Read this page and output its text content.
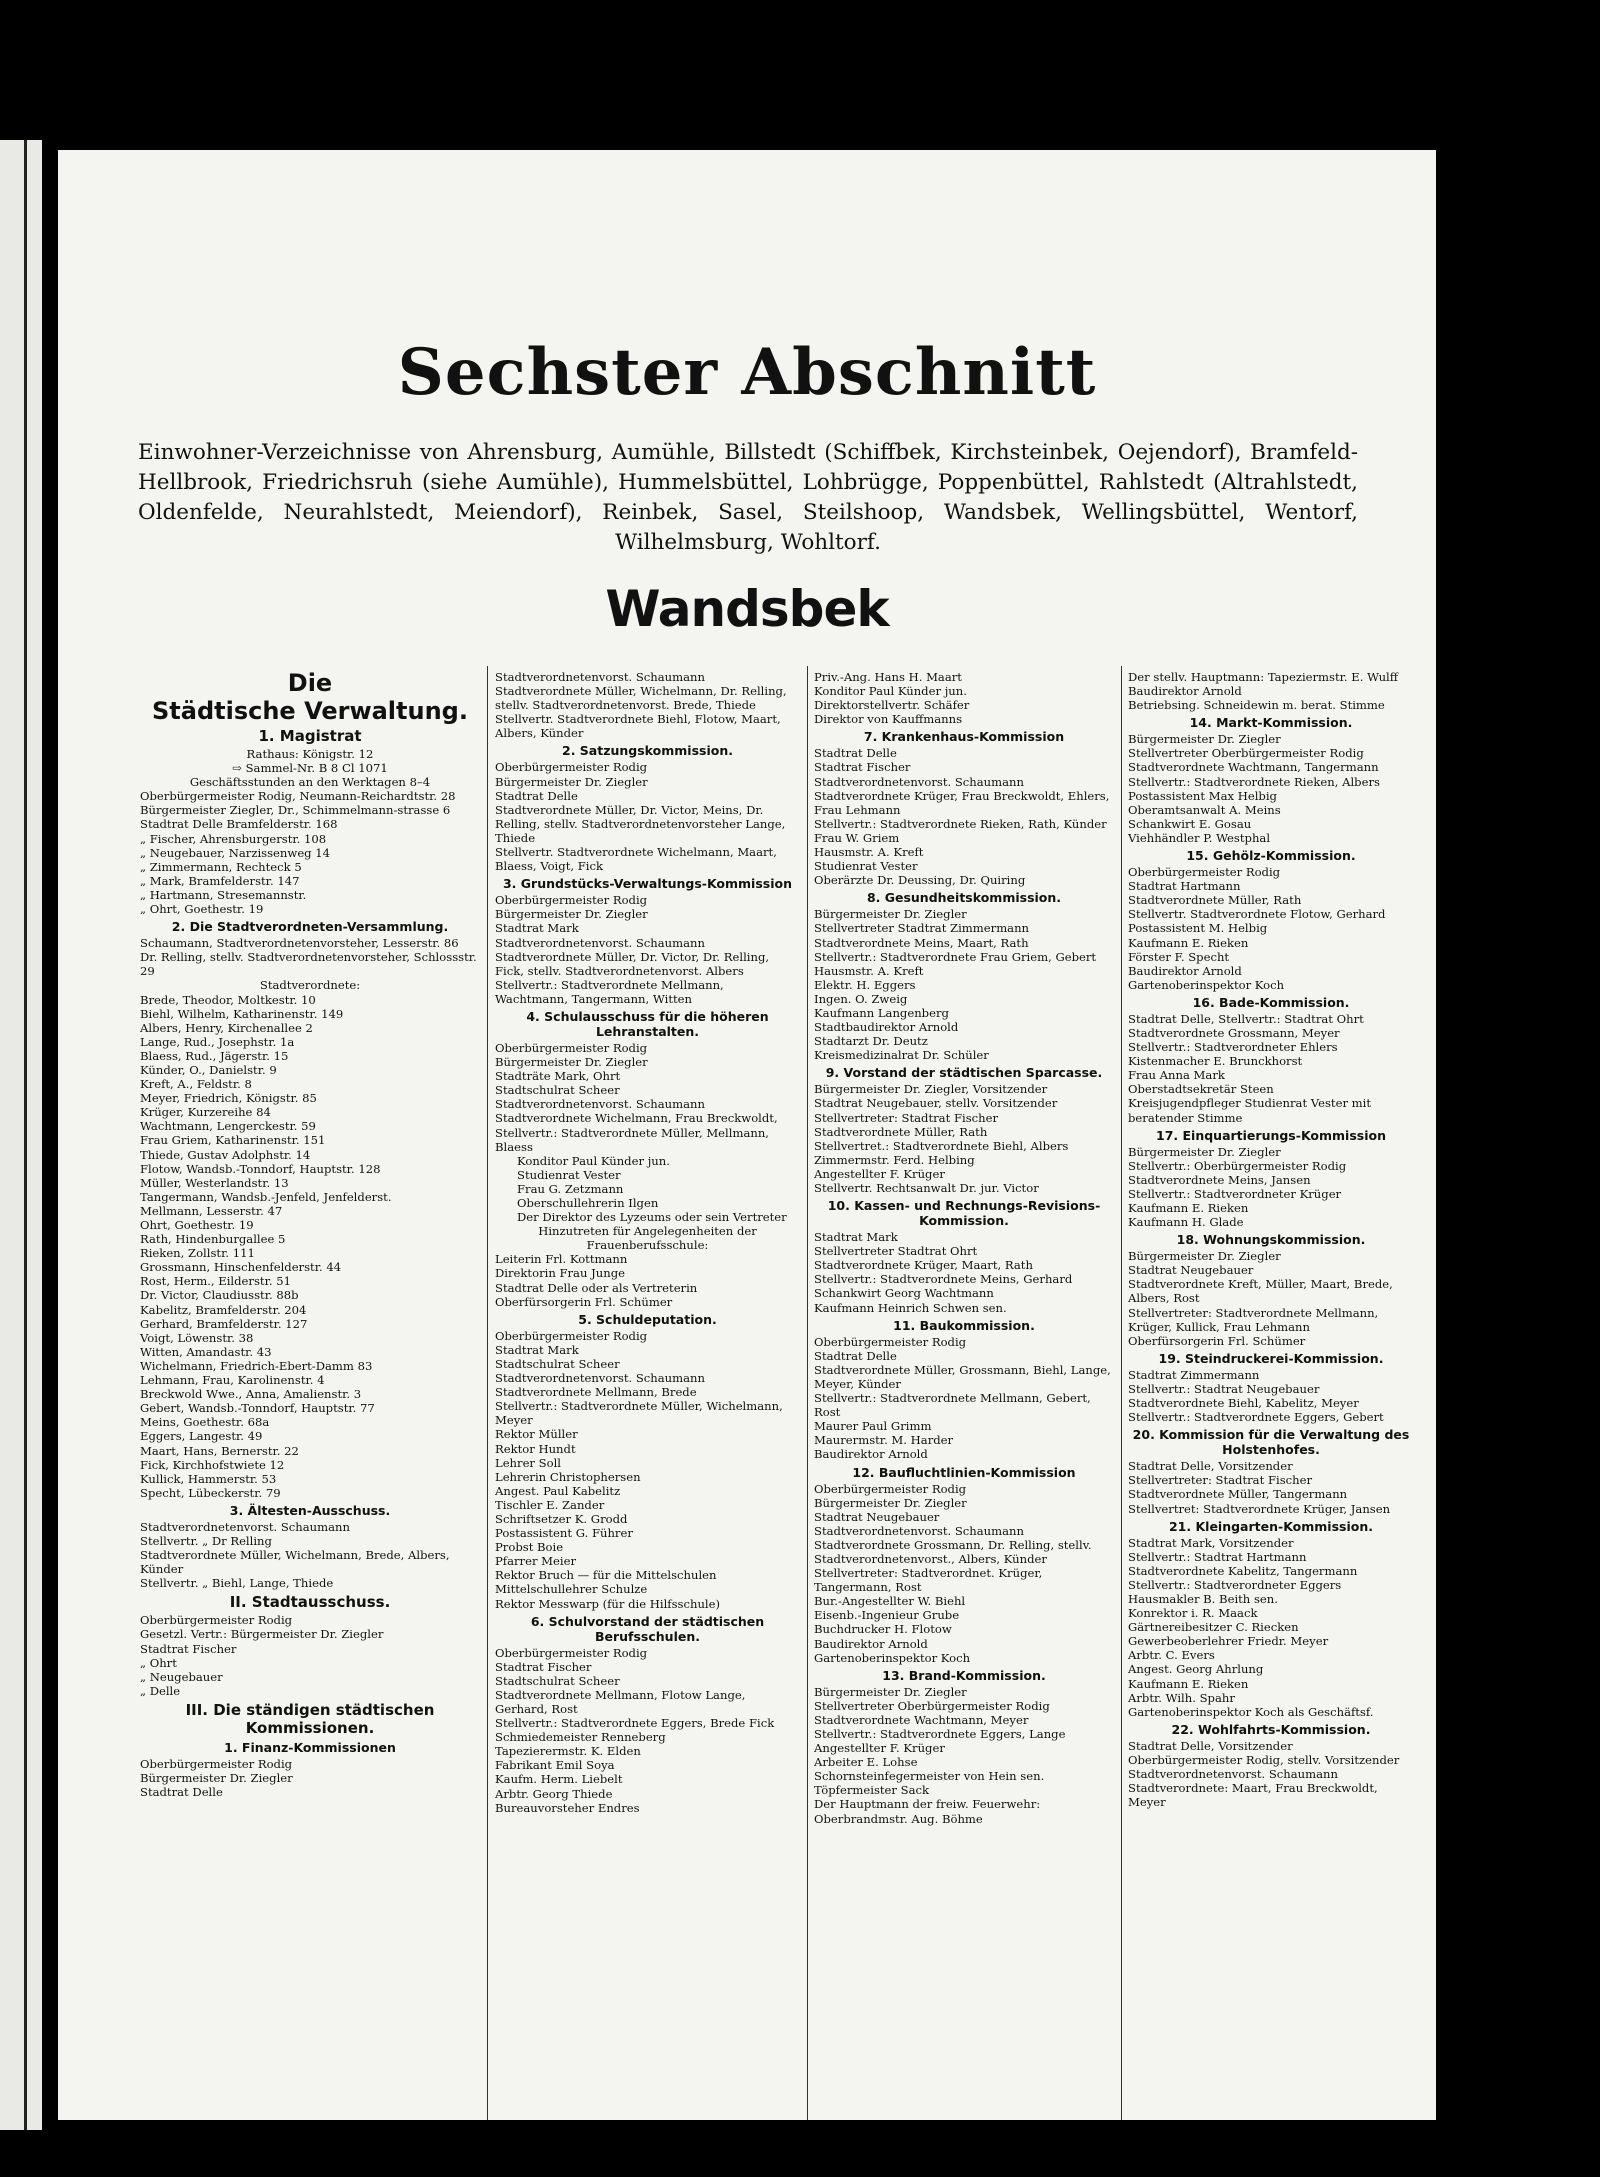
Sechster Abschnitt
Einwohner-Verzeichnisse von Ahrensburg, Aumühle, Billstedt (Schiffbek, Kirchsteinbek, Oejendorf), Bramfeld-Hellbrook, Friedrichsruh (siehe Aumühle), Hummelsbüttel, Lohbrügge, Poppenbüttel, Rahlstedt (Altrahlstedt, Oldenfelde, Neurahlstedt, Meiendorf), Reinbek, Sasel, Steilshoop, Wandsbek, Wellingsbüttel, Wentorf, Wilhelmsburg, Wohltorf.
Wandsbek
Die
Städtische Verwaltung.
1. Magistrat
Rathaus: Königstr. 12
⇨ Sammel-Nr. B 8 Cl 1071
Geschäftsstunden an den Werktagen 8–4
Oberbürgermeister Rodig, Neumann-Reichardtstr. 28
Bürgermeister Ziegler, Dr., Schimmelmann-strasse 6
Stadtrat Delle Bramfelderstr. 168
„ Fischer, Ahrensburgerstr. 108
„ Neugebauer, Narzissenweg 14
„ Zimmermann, Rechteck 5
„ Mark, Bramfelderstr. 147
„ Hartmann, Stresemannstr.
„ Ohrt, Goethestr. 19
2. Die Stadtverordneten-Versammlung.
Schaumann, Stadtverordnetenvorsteher, Lesserstr. 86
Dr. Relling, stellv. Stadtverordnetenvorsteher, Schlossstr. 29
Stadtverordnete:
Brede, Theodor, Moltkestr. 10
Biehl, Wilhelm, Katharinenstr. 149
Albers, Henry, Kirchenallee 2
Lange, Rud., Josephstr. 1a
Blaess, Rud., Jägerstr. 15
Künder, O., Danielstr. 9
Kreft, A., Feldstr. 8
Meyer, Friedrich, Königstr. 85
Krüger, Kurzereihe 84
Wachtmann, Lengerckestr. 59
Frau Griem, Katharinenstr. 151
Thiede, Gustav Adolphstr. 14
Flotow, Wandsb.-Tonndorf, Hauptstr. 128
Müller, Westerlandstr. 13
Tangermann, Wandsb.-Jenfeld, Jenfelderst.
Mellmann, Lesserstr. 47
Ohrt, Goethestr. 19
Rath, Hindenburgallee 5
Rieken, Zollstr. 111
Grossmann, Hinschenfelderstr. 44
Rost, Herm., Eilderstr. 51
Dr. Victor, Claudiusstr. 88b
Kabelitz, Bramfelderstr. 204
Gerhard, Bramfelderstr. 127
Voigt, Löwenstr. 38
Witten, Amandastr. 43
Wichelmann, Friedrich-Ebert-Damm 83
Lehmann, Frau, Karolinenstr. 4
Breckwold Wwe., Anna, Amalienstr. 3
Gebert, Wandsb.-Tonndorf, Hauptstr. 77
Meins, Goethestr. 68a
Eggers, Langestr. 49
Maart, Hans, Bernerstr. 22
Fick, Kirchhofstwiete 12
Kullick, Hammerstr. 53
Specht, Lübeckerstr. 79
3. Ältesten-Ausschuss.
Stadtverordnetenvorst. Schaumann
Stellvertr. „ Dr Relling
Stadtverordnete Müller, Wichelmann, Brede, Albers, Künder
Stellvertr. „ Biehl, Lange, Thiede
II. Stadtausschuss.
Oberbürgermeister Rodig
Gesetzl. Vertr.: Bürgermeister Dr. Ziegler
Stadtrat Fischer
„ Ohrt
„ Neugebauer
„ Delle
III. Die ständigen städtischen Kommissionen.
1. Finanz-Kommissionen
Oberbürgermeister Rodig
Bürgermeister Dr. Ziegler
Stadtrat Delle
Stadtverordnetenvorst. Schaumann
Stadtverordnete Müller, Wichelmann, Dr. Relling, stellv. Stadtverordnetenvorst. Brede, Thiede
Stellvertr. Stadtverordnete Biehl, Flotow, Maart, Albers, Künder
2. Satzungskommission.
Oberbürgermeister Rodig
Bürgermeister Dr. Ziegler
Stadtrat Delle
Stadtverordnete Müller, Dr. Victor, Meins, Dr. Relling, stellv. Stadtverordnetenvorsteher Lange, Thiede
Stellvertr. Stadtverordnete Wichelmann, Maart, Blaess, Voigt, Fick
3. Grundstücks-Verwaltungs-Kommission
Oberbürgermeister Rodig
Bürgermeister Dr. Ziegler
Stadtrat Mark
Stadtverordnetenvorst. Schaumann
Stadtverordnete Müller, Dr. Victor, Dr. Relling, Fick, stellv. Stadtverordnetenvorst. Albers
Stellvertr.: Stadtverordnete Mellmann, Wachtmann, Tangermann, Witten
4. Schulausschuss für die höheren Lehranstalten.
Oberbürgermeister Rodig
Bürgermeister Dr. Ziegler
Stadträte Mark, Ohrt
Stadtschulrat Scheer
Stadtverordnetenvorst. Schaumann
Stadtverordnete Wichelmann, Frau Breckwoldt,
Stellvertr.: Stadtverordnete Müller, Mellmann, Blaess
Konditor Paul Künder jun.
Studienrat Vester
Frau G. Zetzmann
Oberschullehrerin Ilgen
Der Direktor des Lyzeums oder sein Vertreter
Hinzutreten für Angelegenheiten der Frauenberufsschule:
Leiterin Frl. Kottmann
Direktorin Frau Junge
Stadtrat Delle oder als Vertreterin
Oberfürsorgerin Frl. Schümer
5. Schuldeputation.
Oberbürgermeister Rodig
Stadtrat Mark
Stadtschulrat Scheer
Stadtverordnetenvorst. Schaumann
Stadtverordnete Mellmann, Brede
Stellvertr.: Stadtverordnete Müller, Wichelmann, Meyer
Rektor Müller
Rektor Hundt
Lehrer Soll
Lehrerin Christophersen
Angest. Paul Kabelitz
Tischler E. Zander
Schriftsetzer K. Grodd
Postassistent G. Führer
Probst Boie
Pfarrer Meier
Rektor Bruch — für die Mittelschulen
Mittelschullehrer Schulze
Rektor Messwarp (für die Hilfsschule)
6. Schulvorstand der städtischen Berufsschulen.
Oberbürgermeister Rodig
Stadtrat Fischer
Stadtschulrat Scheer
Stadtverordnete Mellmann, Flotow Lange, Gerhard, Rost
Stellvertr.: Stadtverordnete Eggers, Brede Fick
Schmiedemeister Renneberg
Tapezierermstr. K. Elden
Fabrikant Emil Soya
Kaufm. Herm. Liebelt
Arbtr. Georg Thiede
Bureauvorsteher Endres
Priv.-Ang. Hans H. Maart
Konditor Paul Künder jun.
Direktorstellvertr. Schäfer
Direktor von Kauffmanns
7. Krankenhaus-Kommission
Stadtrat Delle
Stadtrat Fischer
Stadtverordnetenvorst. Schaumann
Stadtverordnete Krüger, Frau Breckwoldt, Ehlers, Frau Lehmann
Stellvertr.: Stadtverordnete Rieken, Rath, Künder
Frau W. Griem
Hausmstr. A. Kreft
Studienrat Vester
Oberärzte Dr. Deussing, Dr. Quiring
8. Gesundheitskommission.
Bürgermeister Dr. Ziegler
Stellvertreter Stadtrat Zimmermann
Stadtverordnete Meins, Maart, Rath
Stellvertr.: Stadtverordnete Frau Griem, Gebert
Hausmstr. A. Kreft
Elektr. H. Eggers
Ingen. O. Zweig
Kaufmann Langenberg
Stadtbaudirektor Arnold
Stadtarzt Dr. Deutz
Kreismedizinalrat Dr. Schüler
9. Vorstand der städtischen Sparcasse.
Bürgermeister Dr. Ziegler, Vorsitzender
Stadtrat Neugebauer, stellv. Vorsitzender
Stellvertreter: Stadtrat Fischer
Stadtverordnete Müller, Rath
Stellvertret.: Stadtverordnete Biehl, Albers
Zimmermstr. Ferd. Helbing
Angestellter F. Krüger
Stellvertr. Rechtsanwalt Dr. jur. Victor
10. Kassen- und Rechnungs-Revisions-Kommission.
Stadtrat Mark
Stellvertreter Stadtrat Ohrt
Stadtverordnete Krüger, Maart, Rath
Stellvertr.: Stadtverordnete Meins, Gerhard
Schankwirt Georg Wachtmann
Kaufmann Heinrich Schwen sen.
11. Baukommission.
Oberbürgermeister Rodig
Stadtrat Delle
Stadtverordnete Müller, Grossmann, Biehl, Lange, Meyer, Künder
Stellvertr.: Stadtverordnete Mellmann, Gebert, Rost
Maurer Paul Grimm
Maurermstr. M. Harder
Baudirektor Arnold
12. Baufluchtlinien-Kommission
Oberbürgermeister Rodig
Bürgermeister Dr. Ziegler
Stadtrat Neugebauer
Stadtverordnetenvorst. Schaumann
Stadtverordnete Grossmann, Dr. Relling, stellv. Stadtverordnetenvorst., Albers, Künder
Stellvertreter: Stadtverordnet. Krüger, Tangermann, Rost
Bur.-Angestellter W. Biehl
Eisenb.-Ingenieur Grube
Buchdrucker H. Flotow
Baudirektor Arnold
Gartenoberinspektor Koch
13. Brand-Kommission.
Bürgermeister Dr. Ziegler
Stellvertreter Oberbürgermeister Rodig
Stadtverordnete Wachtmann, Meyer
Stellvertr.: Stadtverordnete Eggers, Lange
Angestellter F. Krüger
Arbeiter E. Lohse
Schornsteinfegermeister von Hein sen.
Töpfermeister Sack
Der Hauptmann der freiw. Feuerwehr: Oberbrandmstr. Aug. Böhme
Der stellv. Hauptmann: Tapeziermstr. E. Wulff
Baudirektor Arnold
Betriebsing. Schneidewin m. berat. Stimme
14. Markt-Kommission.
Bürgermeister Dr. Ziegler
Stellvertreter Oberbürgermeister Rodig
Stadtverordnete Wachtmann, Tangermann
Stellvertr.: Stadtverordnete Rieken, Albers
Postassistent Max Helbig
Oberamtsanwalt A. Meins
Schankwirt E. Gosau
Viehhändler P. Westphal
15. Gehölz-Kommission.
Oberbürgermeister Rodig
Stadtrat Hartmann
Stadtverordnete Müller, Rath
Stellvertr. Stadtverordnete Flotow, Gerhard
Postassistent M. Helbig
Kaufmann E. Rieken
Förster F. Specht
Baudirektor Arnold
Gartenoberinspektor Koch
16. Bade-Kommission.
Stadtrat Delle, Stellvertr.: Stadtrat Ohrt
Stadtverordnete Grossmann, Meyer
Stellvertr.: Stadtverordneter Ehlers
Kistenmacher E. Brunckhorst
Frau Anna Mark
Oberstadtsekretär Steen
Kreisjugendpfleger Studienrat Vester mit beratender Stimme
17. Einquartierungs-Kommission
Bürgermeister Dr. Ziegler
Stellvertr.: Oberbürgermeister Rodig
Stadtverordnete Meins, Jansen
Stellvertr.: Stadtverordneter Krüger
Kaufmann E. Rieken
Kaufmann H. Glade
18. Wohnungskommission.
Bürgermeister Dr. Ziegler
Stadtrat Neugebauer
Stadtverordnete Kreft, Müller, Maart, Brede, Albers, Rost
Stellvertreter: Stadtverordnete Mellmann, Krüger, Kullick, Frau Lehmann
Oberfürsorgerin Frl. Schümer
19. Steindruckerei-Kommission.
Stadtrat Zimmermann
Stellvertr.: Stadtrat Neugebauer
Stadtverordnete Biehl, Kabelitz, Meyer
Stellvertr.: Stadtverordnete Eggers, Gebert
20. Kommission für die Verwaltung des Holstenhofes.
Stadtrat Delle, Vorsitzender
Stellvertreter: Stadtrat Fischer
Stadtverordnete Müller, Tangermann
Stellvertret: Stadtverordnete Krüger, Jansen
21. Kleingarten-Kommission.
Stadtrat Mark, Vorsitzender
Stellvertr.: Stadtrat Hartmann
Stadtverordnete Kabelitz, Tangermann
Stellvertr.: Stadtverordneter Eggers
Hausmakler B. Beith sen.
Konrektor i. R. Maack
Gärtnereibesitzer C. Riecken
Gewerbeoberlehrer Friedr. Meyer
Arbtr. C. Evers
Angest. Georg Ahrlung
Kaufmann E. Rieken
Arbtr. Wilh. Spahr
Gartenoberinspektor Koch als Geschäftsf.
22. Wohlfahrts-Kommission.
Stadtrat Delle, Vorsitzender
Oberbürgermeister Rodig, stellv. Vorsitzender
Stadtverordnetenvorst. Schaumann
Stadtverordnete: Maart, Frau Breckwoldt, Meyer
